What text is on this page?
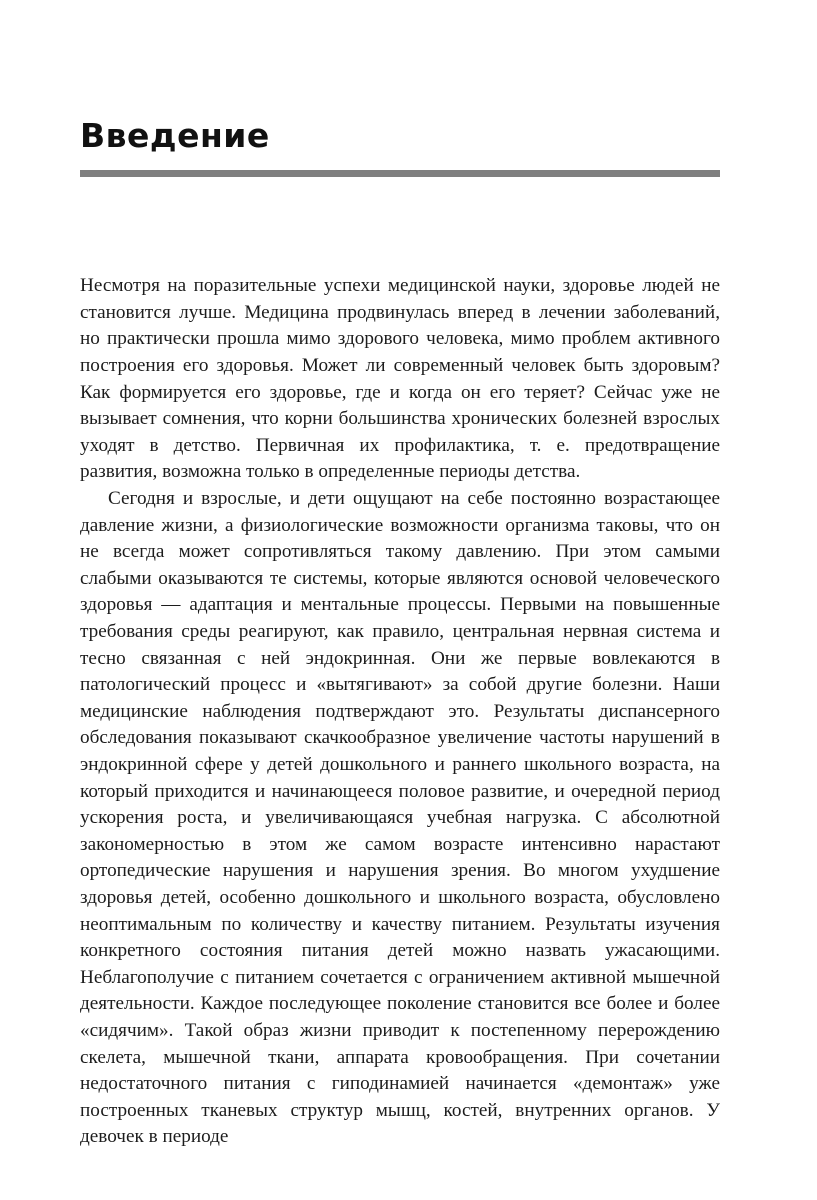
Введение

Несмотря на поразительные успехи медицинской науки, здоровье людей не становится лучше. Медицина продвинулась вперед в лечении заболеваний, но практически прошла мимо здорового человека, мимо проблем активного построения его здоровья. Может ли современный человек быть здоровым? Как формируется его здоровье, где и когда он его теряет? Сейчас уже не вызывает сомнения, что корни большинства хронических болезней взрослых уходят в детство. Первичная их профилактика, т. е. предотвращение развития, возможна только в определенные периоды детства.

Сегодня и взрослые, и дети ощущают на себе постоянно возрастающее давление жизни, а физиологические возможности организма таковы, что он не всегда может сопротивляться такому давлению. При этом самыми слабыми оказываются те системы, которые являются основой человеческого здоровья — адаптация и ментальные процессы. Первыми на повышенные требования среды реагируют, как правило, центральная нервная система и тесно связанная с ней эндокринная. Они же первые вовлекаются в патологический процесс и «вытягивают» за собой другие болезни. Наши медицинские наблюдения подтверждают это. Результаты диспансерного обследования показывают скачкообразное увеличение частоты нарушений в эндокринной сфере у детей дошкольного и раннего школьного возраста, на который приходится и начинающееся половое развитие, и очередной период ускорения роста, и увеличивающаяся учебная нагрузка. С абсолютной закономерностью в этом же самом возрасте интенсивно нарастают ортопедические нарушения и нарушения зрения. Во многом ухудшение здоровья детей, особенно дошкольного и школьного возраста, обусловлено неоптимальным по количеству и качеству питанием. Результаты изучения конкретного состояния питания детей можно назвать ужасающими. Неблагополучие с питанием сочетается с ограничением активной мышечной деятельности. Каждое последующее поколение становится все более и более «сидячим». Такой образ жизни приводит к постепенному перерождению скелета, мышечной ткани, аппарата кровообращения. При сочетании недостаточного питания с гиподинамией начинается «демонтаж» уже построенных тканевых структур мышц, костей, внутренних органов. У девочек в периоде
